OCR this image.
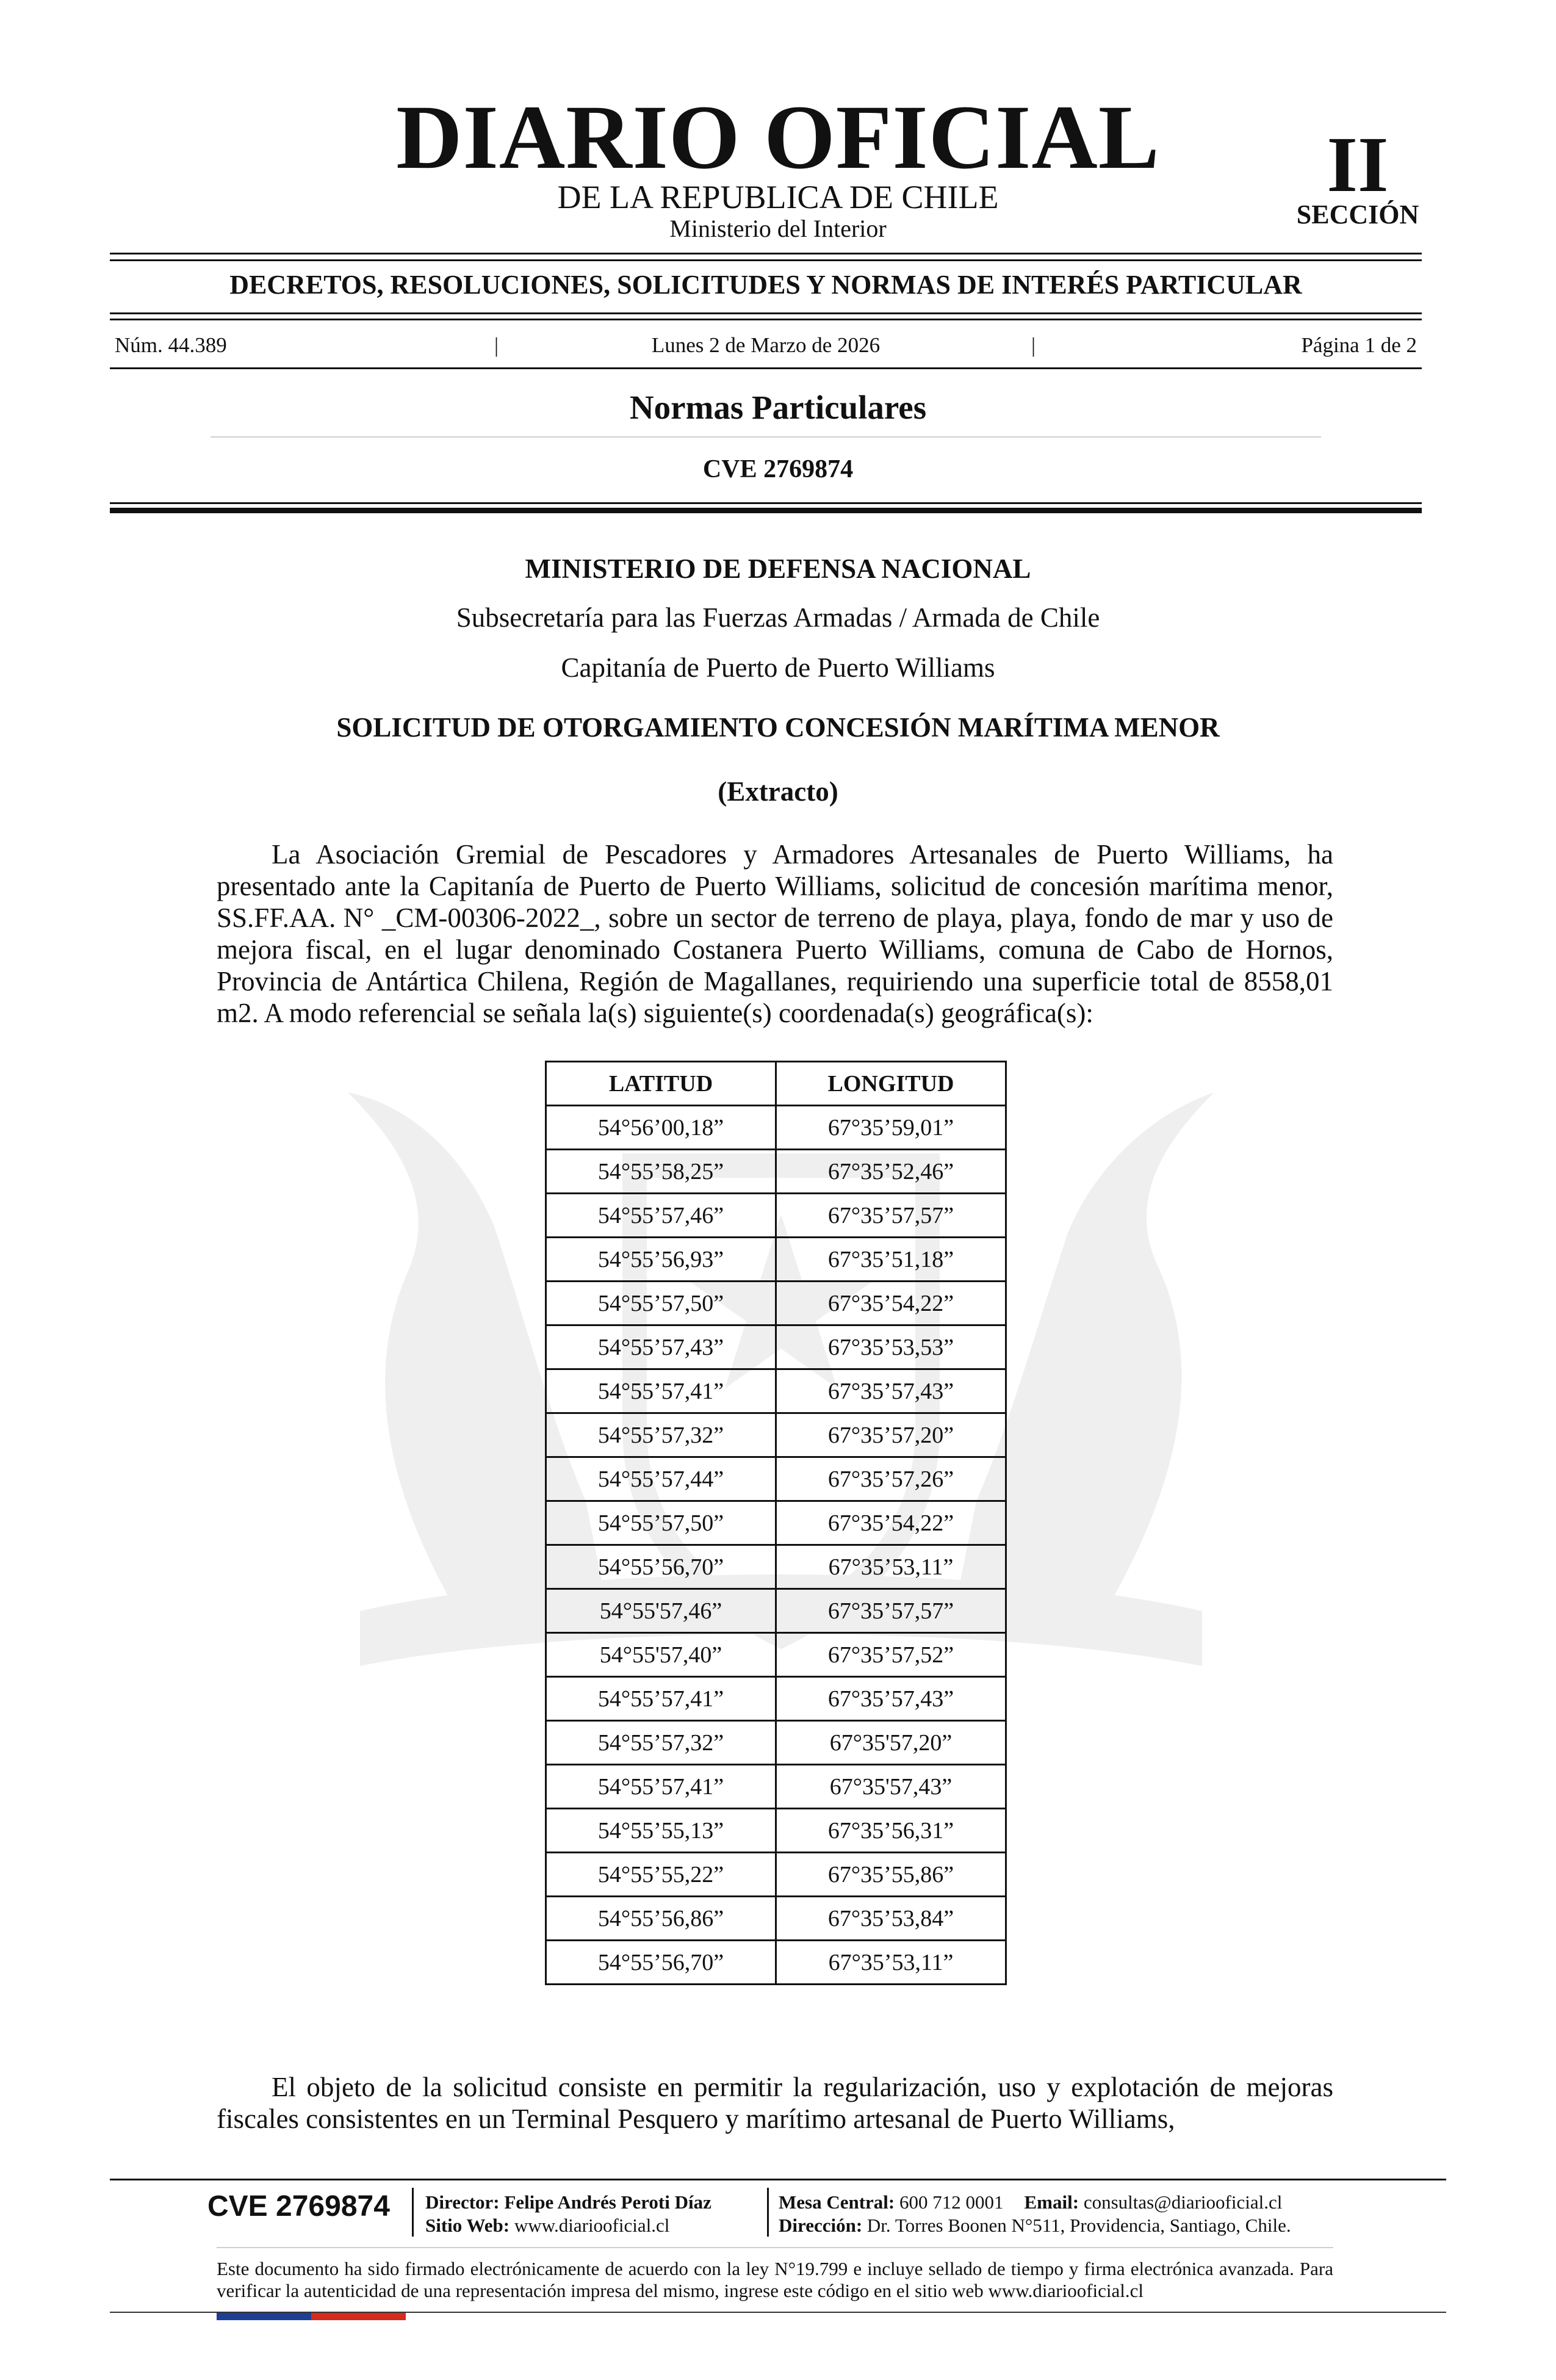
DIARIO OFICIAL
DE LA REPUBLICA DE CHILE
Ministerio del Interior
II
SECCIÓN
DECRETOS, RESOLUCIONES, SOLICITUDES Y NORMAS DE INTERÉS PARTICULAR
Núm. 44.389	|	Lunes 2 de Marzo de 2026	|	Página 1 de 2
Normas Particulares
CVE 2769874
MINISTERIO DE DEFENSA NACIONAL
Subsecretaría para las Fuerzas Armadas / Armada de Chile
Capitanía de Puerto de Puerto Williams
SOLICITUD DE OTORGAMIENTO CONCESIÓN MARÍTIMA MENOR
(Extracto)

La Asociación Gremial de Pescadores y Armadores Artesanales de Puerto Williams, ha presentado ante la Capitanía de Puerto de Puerto Williams, solicitud de concesión marítima menor, SS.FF.AA. N° _CM-00306-2022_, sobre un sector de terreno de playa, playa, fondo de mar y uso de mejora fiscal, en el lugar denominado Costanera Puerto Williams, comuna de Cabo de Hornos, Provincia de Antártica Chilena, Región de Magallanes, requiriendo una superficie total de 8558,01 m2. A modo referencial se señala la(s) siguiente(s) coordenada(s) geográfica(s):

LATITUD	LONGITUD
54°56’00,18”	67°35’59,01”
54°55’58,25”	67°35’52,46”
54°55’57,46”	67°35’57,57”
54°55’56,93”	67°35’51,18”
54°55’57,50”	67°35’54,22”
54°55’57,43”	67°35’53,53”
54°55’57,41”	67°35’57,43”
54°55’57,32”	67°35’57,20”
54°55’57,44”	67°35’57,26”
54°55’57,50”	67°35’54,22”
54°55’56,70”	67°35’53,11”
54°55'57,46”	67°35’57,57”
54°55'57,40”	67°35’57,52”
54°55’57,41”	67°35’57,43”
54°55’57,32”	67°35'57,20”
54°55’57,41”	67°35'57,43”
54°55’55,13”	67°35’56,31”
54°55’55,22”	67°35’55,86”
54°55’56,86”	67°35’53,84”
54°55’56,70”	67°35’53,11”

El objeto de la solicitud consiste en permitir la regularización, uso y explotación de mejoras fiscales consistentes en un Terminal Pesquero y marítimo artesanal de Puerto Williams,

CVE 2769874	Director: Felipe Andrés Peroti Díaz
Sitio Web: www.diariooficial.cl
Mesa Central: 600 712 0001 Email: consultas@diariooficial.cl
Dirección: Dr. Torres Boonen N°511, Providencia, Santiago, Chile.
Este documento ha sido firmado electrónicamente de acuerdo con la ley N°19.799 e incluye sellado de tiempo y firma electrónica avanzada. Para verificar la autenticidad de una representación impresa del mismo, ingrese este código en el sitio web www.diariooficial.cl
